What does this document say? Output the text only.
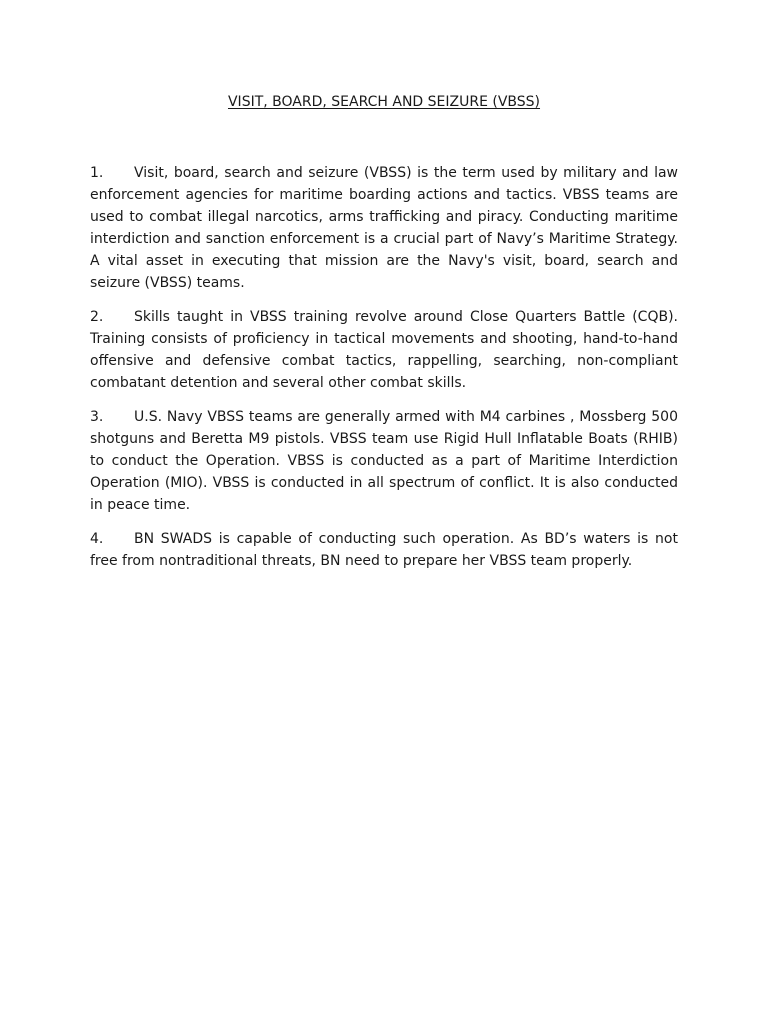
VISIT, BOARD, SEARCH AND SEIZURE (VBSS)

1. Visit, board, search and seizure (VBSS) is the term used by military and law enforcement agencies for maritime boarding actions and tactics. VBSS teams are used to combat illegal narcotics, arms trafficking and piracy. Conducting maritime interdiction and sanction enforcement is a crucial part of Navy’s Maritime Strategy. A vital asset in executing that mission are the Navy's visit, board, search and seizure (VBSS) teams.

2. Skills taught in VBSS training revolve around Close Quarters Battle (CQB). Training consists of proficiency in tactical movements and shooting, hand-to-hand offensive and defensive combat tactics, rappelling, searching, non-compliant combatant detention and several other combat skills.

3. U.S. Navy VBSS teams are generally armed with M4 carbines , Mossberg 500 shotguns and Beretta M9 pistols. VBSS team use Rigid Hull Inflatable Boats (RHIB) to conduct the Operation. VBSS is conducted as a part of Maritime Interdiction Operation (MIO). VBSS is conducted in all spectrum of conflict. It is also conducted in peace time.

4. BN SWADS is capable of conducting such operation. As BD’s waters is not free from nontraditional threats, BN need to prepare her VBSS team properly.
